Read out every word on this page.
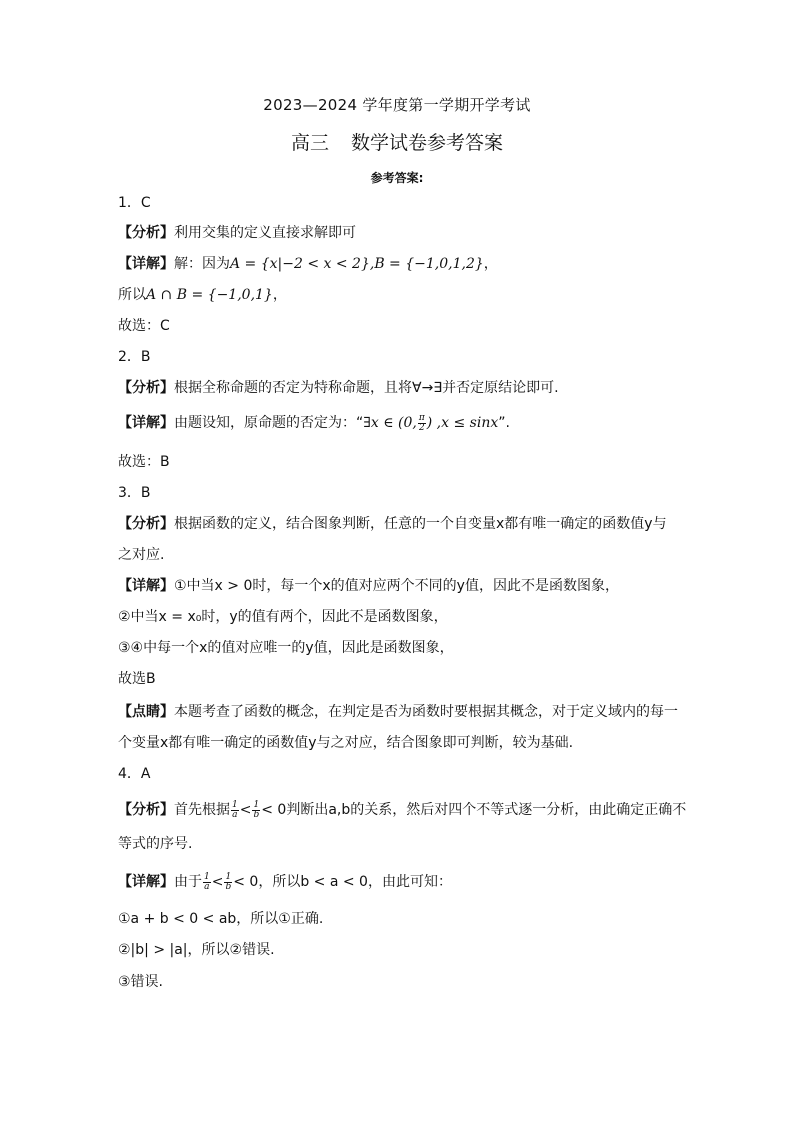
2023—2024 学年度第一学期开学考试
高三 数学试卷参考答案
参考答案:
1．C
【分析】利用交集的定义直接求解即可
【详解】解：因为A = {x|−2 < x < 2},B = {−1,0,1,2}，
所以A ∩ B = {−1,0,1}，
故选：C
2．B
【分析】根据全称命题的否定为特称命题，且将∀→∃并否定原结论即可.
【详解】由题设知，原命题的否定为：“∃x ∈ (0, $\frac{\pi}{2}$ ) ,x ≤ sinx”.
故选：B
3．B
【分析】根据函数的定义，结合图象判断，任意的一个自变量x都有唯一确定的函数值y与
之对应.
【详解】①中当x > 0时，每一个x的值对应两个不同的y值，因此不是函数图象，
②中当x = x₀时，y的值有两个，因此不是函数图象，
③④中每一个x的值对应唯一的y值，因此是函数图象，
故选B
【点睛】本题考查了函数的概念，在判定是否为函数时要根据其概念，对于定义域内的每一
个变量x都有唯一确定的函数值y与之对应，结合图象即可判断，较为基础.
4．A
【分析】首先根据 $\frac{1}{a} < \frac{1}{b} < 0$判断出a,b的关系，然后对四个不等式逐一分析，由此确定正确不
等式的序号.
【详解】由于 $\frac{1}{a} < \frac{1}{b} < 0$，所以b < a < 0，由此可知：
①a + b < 0 < ab，所以①正确.
②|b| > |a|，所以②错误.
③错误.
